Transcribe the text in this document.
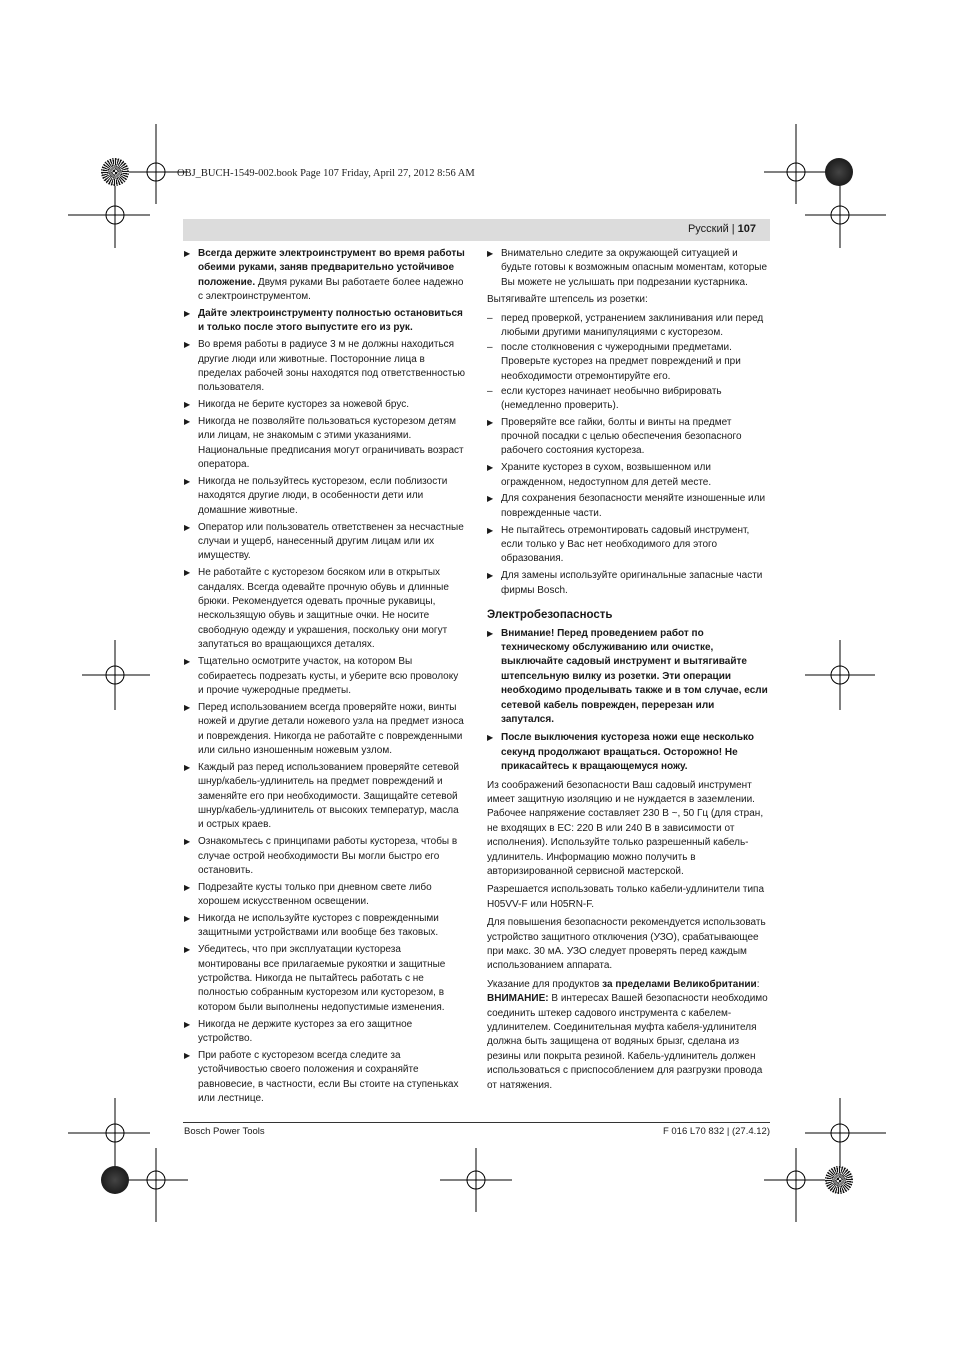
OBJ_BUCH-1549-002.book Page 107 Friday, April 27, 2012 8:56 AM
Русский | 107
▶ Всегда держите электроинструмент во время работы обеими руками, заняв предварительно устойчивое положение. Двумя руками Вы работаете более надежно с электроинструментом.
▶ Дайте электроинструменту полностью остановиться и только после этого выпустите его из рук.
▶ Во время работы в радиусе 3 м не должны находиться другие люди или животные. Посторонние лица в пределах рабочей зоны находятся под ответственностью пользователя.
▶ Никогда не берите кусторез за ножевой брус.
▶ Никогда не позволяйте пользоваться кусторезом детям или лицам, не знакомым с этими указаниями. Национальные предписания могут ограничивать возраст оператора.
▶ Никогда не пользуйтесь кусторезом, если поблизости находятся другие люди, в особенности дети или домашние животные.
▶ Оператор или пользователь ответственен за несчастные случаи и ущерб, нанесенный другим лицам или их имуществу.
▶ Не работайте с кусторезом босяком или в открытых сандалях. Всегда одевайте прочную обувь и длинные брюки. Рекомендуется одевать прочные рукавицы, нескользящую обувь и защитные очки. Не носите свободную одежду и украшения, поскольку они могут запутаться во вращающихся деталях.
▶ Тщательно осмотрите участок, на котором Вы собираетесь подрезать кусты, и уберите всю проволоку и прочие чужеродные предметы.
▶ Перед использованием всегда проверяйте ножи, винты ножей и другие детали ножевого узла на предмет износа и повреждения. Никогда не работайте с поврежденными или сильно изношенным ножевым узлом.
▶ Каждый раз перед использованием проверяйте сетевой шнур/кабель-удлинитель на предмет повреждений и заменяйте его при необходимости. Защищайте сетевой шнур/кабель-удлинитель от высоких температур, масла и острых краев.
▶ Ознакомьтесь с принципами работы кустореза, чтобы в случае острой необходимости Вы могли быстро его остановить.
▶ Подрезайте кусты только при дневном свете либо хорошем искусственном освещении.
▶ Никогда не используйте кусторез с поврежденными защитными устройствами или вообще без таковых.
▶ Убедитесь, что при эксплуатации кустореза монтированы все прилагаемые рукоятки и защитные устройства. Никогда не пытайтесь работать с не полностью собранным кусторезом или кусторезом, в котором были выполнены недопустимые изменения.
▶ Никогда не держите кусторез за его защитное устройство.
▶ При работе с кусторезом всегда следите за устойчивостью своего положения и сохраняйте равновесие, в частности, если Вы стоите на ступеньках или лестнице.
▶ Внимательно следите за окружающей ситуацией и будьте готовы к возможным опасным моментам, которые Вы можете не услышать при подрезании кустарника.
Вытягивайте штепсель из розетки:
– перед проверкой, устранением заклинивания или перед любыми другими манипуляциями с кусторезом.
– после столкновения с чужеродными предметами. Проверьте кусторез на предмет повреждений и при необходимости отремонтируйте его.
– если кусторез начинает необычно вибрировать (немедленно проверить).
▶ Проверяйте все гайки, болты и винты на предмет прочной посадки с целью обеспечения безопасного рабочего состояния кустореза.
▶ Храните кусторез в сухом, возвышенном или огражденном, недоступном для детей месте.
▶ Для сохранения безопасности меняйте изношенные или поврежденные части.
▶ Не пытайтесь отремонтировать садовый инструмент, если только у Вас нет необходимого для этого образования.
▶ Для замены используйте оригинальные запасные части фирмы Bosch.
Электробезопасность
▶ Внимание! Перед проведением работ по техническому обслуживанию или очистке, выключайте садовый инструмент и вытягивайте штепсельную вилку из розетки. Эти операции необходимо проделывать также и в том случае, если сетевой кабель поврежден, перерезан или запутался.
▶ После выключения кустореза ножи еще несколько секунд продолжают вращаться. Осторожно! Не прикасайтесь к вращающемуся ножу.
Из соображений безопасности Ваш садовый инструмент имеет защитную изоляцию и не нуждается в заземлении. Рабочее напряжение составляет 230 В ~, 50 Гц (для стран, не входящих в ЕС: 220 В или 240 В в зависимости от исполнения). Используйте только разрешенный кабель-удлинитель. Информацию можно получить в авторизированной сервисной мастерской.
Разрешается использовать только кабели-удлинители типа H05VV-F или H05RN-F.
Для повышения безопасности рекомендуется использовать устройство защитного отключения (УЗО), срабатывающее при макс. 30 мА. УЗО следует проверять перед каждым использованием аппарата.
Указание для продуктов за пределами Великобритании:
ВНИМАНИЕ: В интересах Вашей безопасности необходимо соединить штекер садового инструмента с кабелем-удлинителем. Соединительная муфта кабеля-удлинителя должна быть защищена от водяных брызг, сделана из резины или покрыта резиной. Кабель-удлинитель должен использоваться с приспособлением для разгрузки провода от натяжения.
Bosch Power Tools	F 016 L70 832 | (27.4.12)
